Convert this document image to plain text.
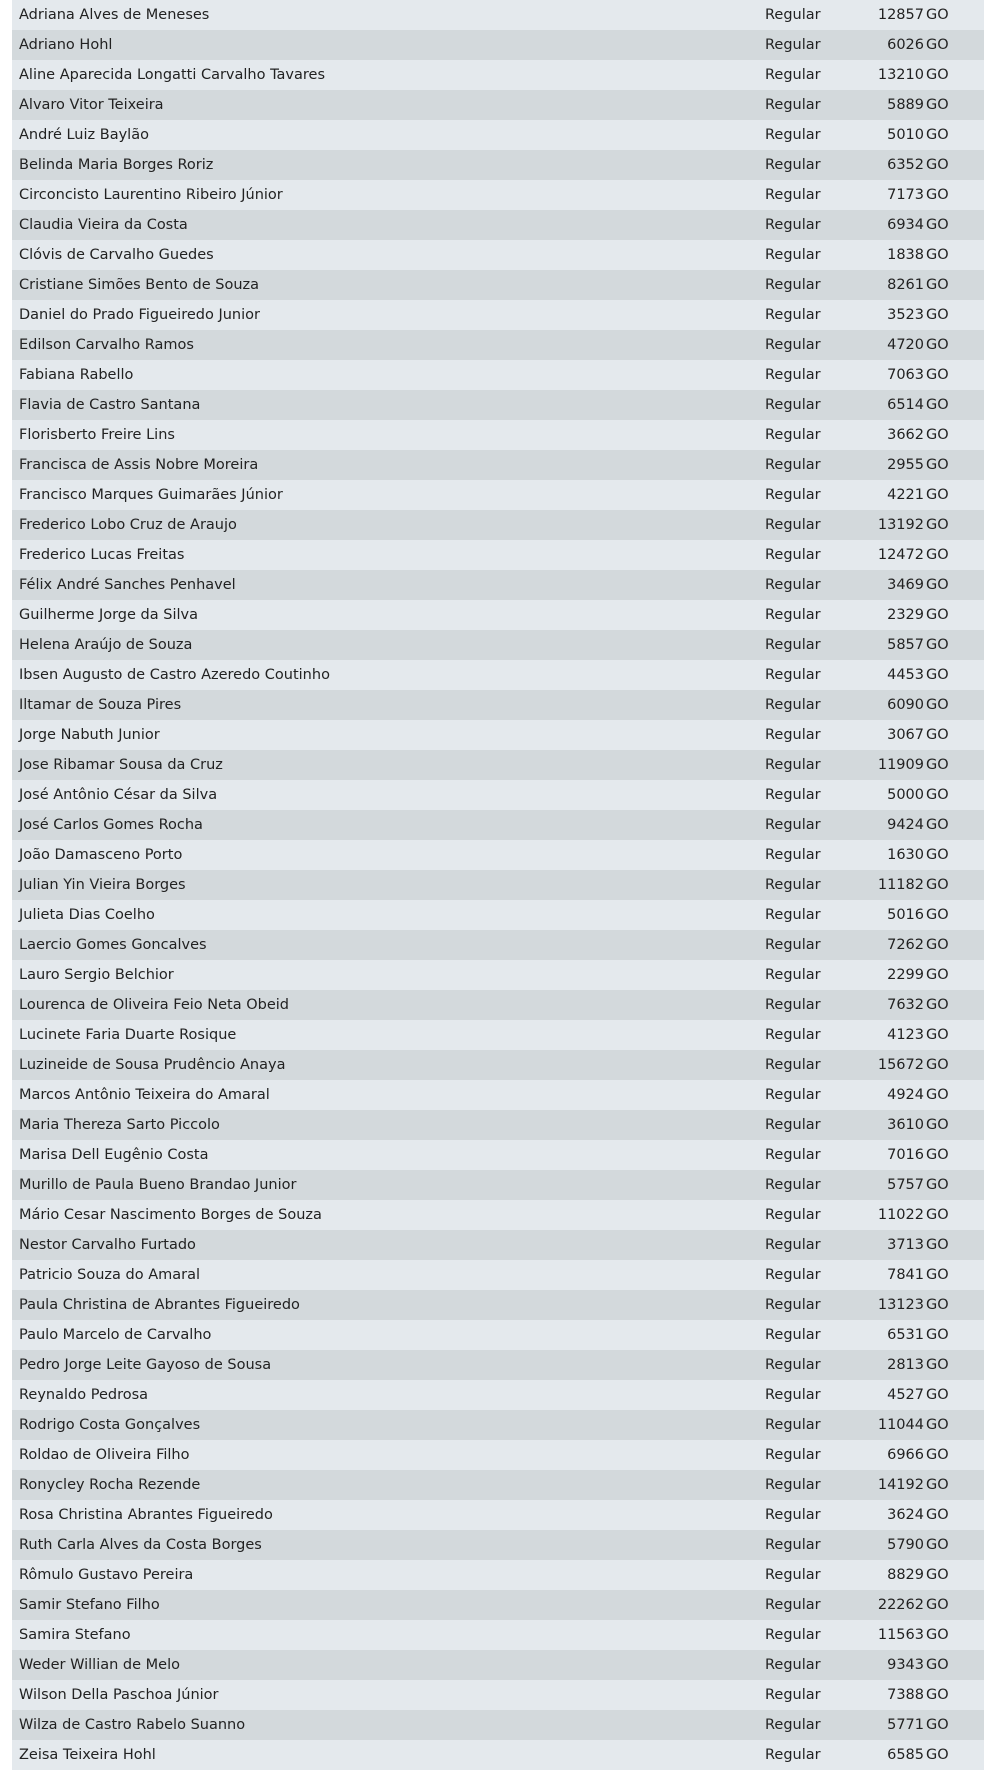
Adriana Alves de Meneses	Regular	12857 GO
Adriano Hohl	Regular	6026 GO
Aline Aparecida Longatti Carvalho Tavares	Regular	13210 GO
Alvaro Vitor Teixeira	Regular	5889 GO
André Luiz Baylão	Regular	5010 GO
Belinda Maria Borges Roriz	Regular	6352 GO
Circoncisto Laurentino Ribeiro Júnior	Regular	7173 GO
Claudia Vieira da Costa	Regular	6934 GO
Clóvis de Carvalho Guedes	Regular	1838 GO
Cristiane Simões Bento de Souza	Regular	8261 GO
Daniel do Prado Figueiredo Junior	Regular	3523 GO
Edilson Carvalho Ramos	Regular	4720 GO
Fabiana Rabello	Regular	7063 GO
Flavia de Castro Santana	Regular	6514 GO
Florisberto Freire Lins	Regular	3662 GO
Francisca de Assis Nobre Moreira	Regular	2955 GO
Francisco Marques Guimarães Júnior	Regular	4221 GO
Frederico Lobo Cruz de Araujo	Regular	13192 GO
Frederico Lucas Freitas	Regular	12472 GO
Félix André Sanches Penhavel	Regular	3469 GO
Guilherme Jorge da Silva	Regular	2329 GO
Helena Araújo de Souza	Regular	5857 GO
Ibsen Augusto de Castro Azeredo Coutinho	Regular	4453 GO
Iltamar de Souza Pires	Regular	6090 GO
Jorge Nabuth Junior	Regular	3067 GO
Jose Ribamar Sousa da Cruz	Regular	11909 GO
José Antônio César da Silva	Regular	5000 GO
José Carlos Gomes Rocha	Regular	9424 GO
João Damasceno Porto	Regular	1630 GO
Julian Yin Vieira Borges	Regular	11182 GO
Julieta Dias Coelho	Regular	5016 GO
Laercio Gomes Goncalves	Regular	7262 GO
Lauro Sergio Belchior	Regular	2299 GO
Lourenca de Oliveira Feio Neta Obeid	Regular	7632 GO
Lucinete Faria Duarte Rosique	Regular	4123 GO
Luzineide de Sousa Prudêncio Anaya	Regular	15672 GO
Marcos Antônio Teixeira do Amaral	Regular	4924 GO
Maria Thereza Sarto Piccolo	Regular	3610 GO
Marisa Dell Eugênio Costa	Regular	7016 GO
Murillo de Paula Bueno Brandao Junior	Regular	5757 GO
Mário Cesar Nascimento Borges de Souza	Regular	11022 GO
Nestor Carvalho Furtado	Regular	3713 GO
Patricio Souza do Amaral	Regular	7841 GO
Paula Christina de Abrantes Figueiredo	Regular	13123 GO
Paulo Marcelo de Carvalho	Regular	6531 GO
Pedro Jorge Leite Gayoso de Sousa	Regular	2813 GO
Reynaldo Pedrosa	Regular	4527 GO
Rodrigo Costa Gonçalves	Regular	11044 GO
Roldao de Oliveira Filho	Regular	6966 GO
Ronycley Rocha Rezende	Regular	14192 GO
Rosa Christina Abrantes Figueiredo	Regular	3624 GO
Ruth Carla Alves da Costa Borges	Regular	5790 GO
Rômulo Gustavo Pereira	Regular	8829 GO
Samir Stefano Filho	Regular	22262 GO
Samira Stefano	Regular	11563 GO
Weder Willian de Melo	Regular	9343 GO
Wilson Della Paschoa Júnior	Regular	7388 GO
Wilza de Castro Rabelo Suanno	Regular	5771 GO
Zeisa Teixeira Hohl	Regular	6585 GO
